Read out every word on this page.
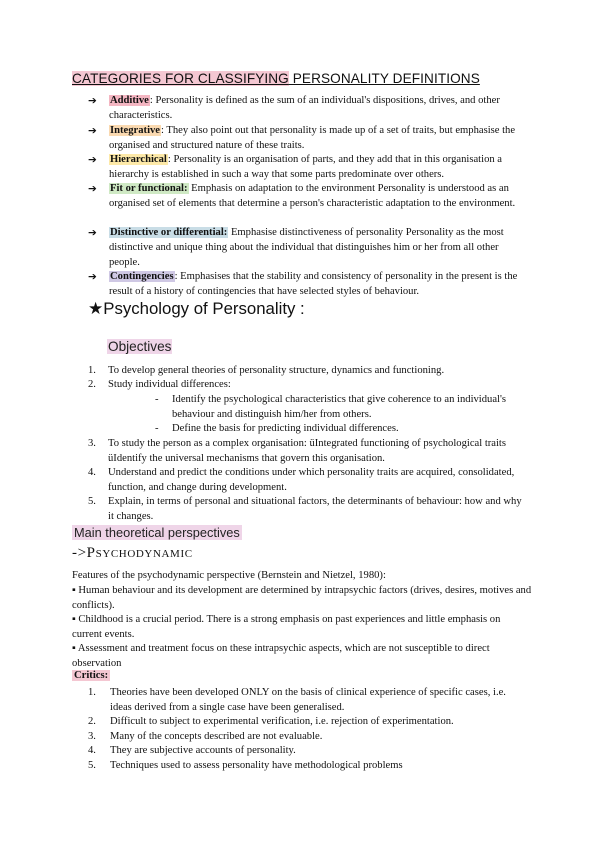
CATEGORIES FOR CLASSIFYING PERSONALITY DEFINITIONS
➔ Additive: Personality is defined as the sum of an individual's dispositions, drives, and other characteristics.
➔ Integrative: They also point out that personality is made up of a set of traits, but emphasise the organised and structured nature of these traits.
➔ Hierarchical: Personality is an organisation of parts, and they add that in this organisation a hierarchy is established in such a way that some parts predominate over others.
➔ Fit or functional: Emphasis on adaptation to the environment Personality is understood as an organised set of elements that determine a person's characteristic adaptation to the environment.
➔ Distinctive or differential: Emphasise distinctiveness of personality Personality as the most distinctive and unique thing about the individual that distinguishes him or her from all other people.
➔ Contingencies: Emphasises that the stability and consistency of personality in the present is the result of a history of contingencies that have selected styles of behaviour.
★Psychology of Personality :
Objectives
1. To develop general theories of personality structure, dynamics and functioning.
2. Study individual differences:
- Identify the psychological characteristics that give coherence to an individual's behaviour and distinguish him/her from others.
- Define the basis for predicting individual differences.
3. To study the person as a complex organisation: üIntegrated functioning of psychological traits üIdentify the universal mechanisms that govern this organisation.
4. Understand and predict the conditions under which personality traits are acquired, consolidated, function, and change during development.
5. Explain, in terms of personal and situational factors, the determinants of behaviour: how and why it changes.
Main theoretical perspectives
->Psychodynamic
Features of the psychodynamic perspective (Bernstein and Nietzel, 1980):
▪ Human behaviour and its development are determined by intrapsychic factors (drives, desires, motives and conflicts).
▪ Childhood is a crucial period. There is a strong emphasis on past experiences and little emphasis on current events.
▪ Assessment and treatment focus on these intrapsychic aspects, which are not susceptible to direct observation
Critics:
1. Theories have been developed ONLY on the basis of clinical experience of specific cases, i.e. ideas derived from a single case have been generalised.
2. Difficult to subject to experimental verification, i.e. rejection of experimentation.
3. Many of the concepts described are not evaluable.
4. They are subjective accounts of personality.
5. Techniques used to assess personality have methodological problems
